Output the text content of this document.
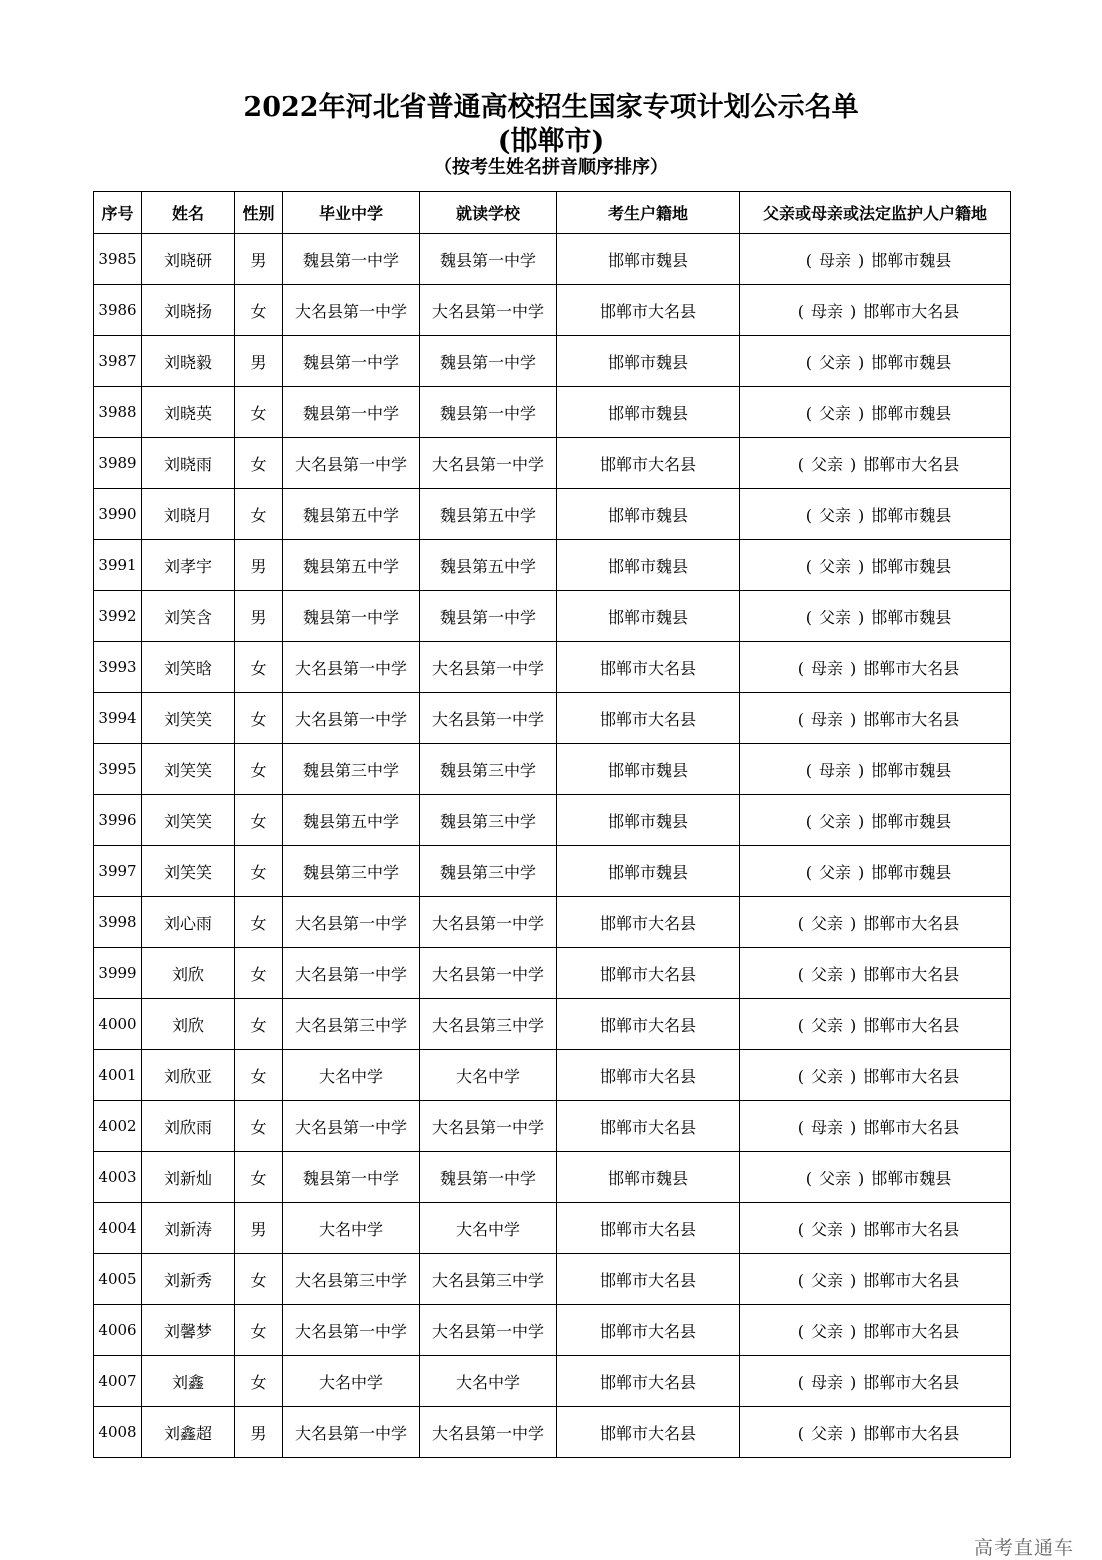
2022年河北省普通高校招生国家专项计划公示名单
(邯郸市)
（按考生姓名拼音顺序排序）
序号	姓名	性别	毕业中学	就读学校	考生户籍地	父亲或母亲或法定监护人户籍地
3985	刘晓研	男	魏县第一中学	魏县第一中学	邯郸市魏县	( 母亲 ) 邯郸市魏县
3986	刘晓扬	女	大名县第一中学	大名县第一中学	邯郸市大名县	( 母亲 ) 邯郸市大名县
3987	刘晓毅	男	魏县第一中学	魏县第一中学	邯郸市魏县	( 父亲 ) 邯郸市魏县
3988	刘晓英	女	魏县第一中学	魏县第一中学	邯郸市魏县	( 父亲 ) 邯郸市魏县
3989	刘晓雨	女	大名县第一中学	大名县第一中学	邯郸市大名县	( 父亲 ) 邯郸市大名县
3990	刘晓月	女	魏县第五中学	魏县第五中学	邯郸市魏县	( 父亲 ) 邯郸市魏县
3991	刘孝宇	男	魏县第五中学	魏县第五中学	邯郸市魏县	( 父亲 ) 邯郸市魏县
3992	刘笑含	男	魏县第一中学	魏县第一中学	邯郸市魏县	( 父亲 ) 邯郸市魏县
3993	刘笑晗	女	大名县第一中学	大名县第一中学	邯郸市大名县	( 母亲 ) 邯郸市大名县
3994	刘笑笑	女	大名县第一中学	大名县第一中学	邯郸市大名县	( 母亲 ) 邯郸市大名县
3995	刘笑笑	女	魏县第三中学	魏县第三中学	邯郸市魏县	( 母亲 ) 邯郸市魏县
3996	刘笑笑	女	魏县第五中学	魏县第三中学	邯郸市魏县	( 父亲 ) 邯郸市魏县
3997	刘笑笑	女	魏县第三中学	魏县第三中学	邯郸市魏县	( 父亲 ) 邯郸市魏县
3998	刘心雨	女	大名县第一中学	大名县第一中学	邯郸市大名县	( 父亲 ) 邯郸市大名县
3999	刘欣	女	大名县第一中学	大名县第一中学	邯郸市大名县	( 父亲 ) 邯郸市大名县
4000	刘欣	女	大名县第三中学	大名县第三中学	邯郸市大名县	( 父亲 ) 邯郸市大名县
4001	刘欣亚	女	大名中学	大名中学	邯郸市大名县	( 父亲 ) 邯郸市大名县
4002	刘欣雨	女	大名县第一中学	大名县第一中学	邯郸市大名县	( 母亲 ) 邯郸市大名县
4003	刘新灿	女	魏县第一中学	魏县第一中学	邯郸市魏县	( 父亲 ) 邯郸市魏县
4004	刘新涛	男	大名中学	大名中学	邯郸市大名县	( 父亲 ) 邯郸市大名县
4005	刘新秀	女	大名县第三中学	大名县第三中学	邯郸市大名县	( 父亲 ) 邯郸市大名县
4006	刘馨梦	女	大名县第一中学	大名县第一中学	邯郸市大名县	( 父亲 ) 邯郸市大名县
4007	刘鑫	女	大名中学	大名中学	邯郸市大名县	( 母亲 ) 邯郸市大名县
4008	刘鑫超	男	大名县第一中学	大名县第一中学	邯郸市大名县	( 父亲 ) 邯郸市大名县
高考直通车
